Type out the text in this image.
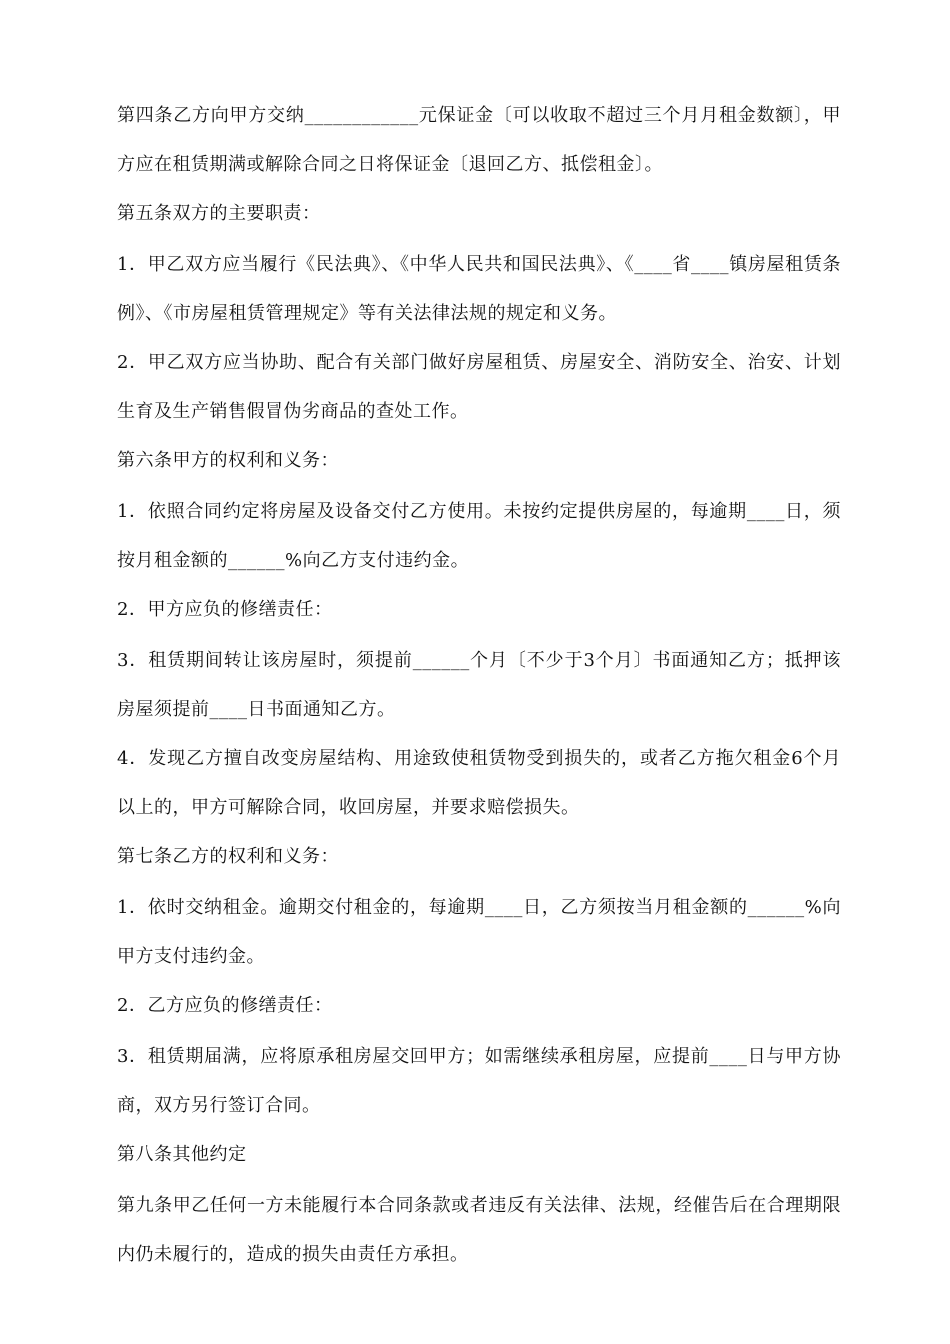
第四条乙方向甲方交纳____________元保证金〔可以收取不超过三个月月租金数额〕，甲方应在租赁期满或解除合同之日将保证金〔退回乙方、抵偿租金〕。

第五条双方的主要职责：

1．甲乙双方应当履行《民法典》、《中华人民共和国民法典》、《____省____镇房屋租赁条例》、《市房屋租赁管理规定》等有关法律法规的规定和义务。

2．甲乙双方应当协助、配合有关部门做好房屋租赁、房屋安全、消防安全、治安、计划生育及生产销售假冒伪劣商品的查处工作。

第六条甲方的权利和义务：

1．依照合同约定将房屋及设备交付乙方使用。未按约定提供房屋的，每逾期____日，须按月租金额的______%向乙方支付违约金。

2．甲方应负的修缮责任：

3．租赁期间转让该房屋时，须提前______个月〔不少于3个月〕书面通知乙方；抵押该房屋须提前____日书面通知乙方。

4．发现乙方擅自改变房屋结构、用途致使租赁物受到损失的，或者乙方拖欠租金6个月以上的，甲方可解除合同，收回房屋，并要求赔偿损失。

第七条乙方的权利和义务：

1．依时交纳租金。逾期交付租金的，每逾期____日，乙方须按当月租金额的______%向甲方支付违约金。

2．乙方应负的修缮责任：

3．租赁期届满，应将原承租房屋交回甲方；如需继续承租房屋，应提前____日与甲方协商，双方另行签订合同。

第八条其他约定

第九条甲乙任何一方未能履行本合同条款或者违反有关法律、法规，经催告后在合理期限内仍未履行的，造成的损失由责任方承担。
